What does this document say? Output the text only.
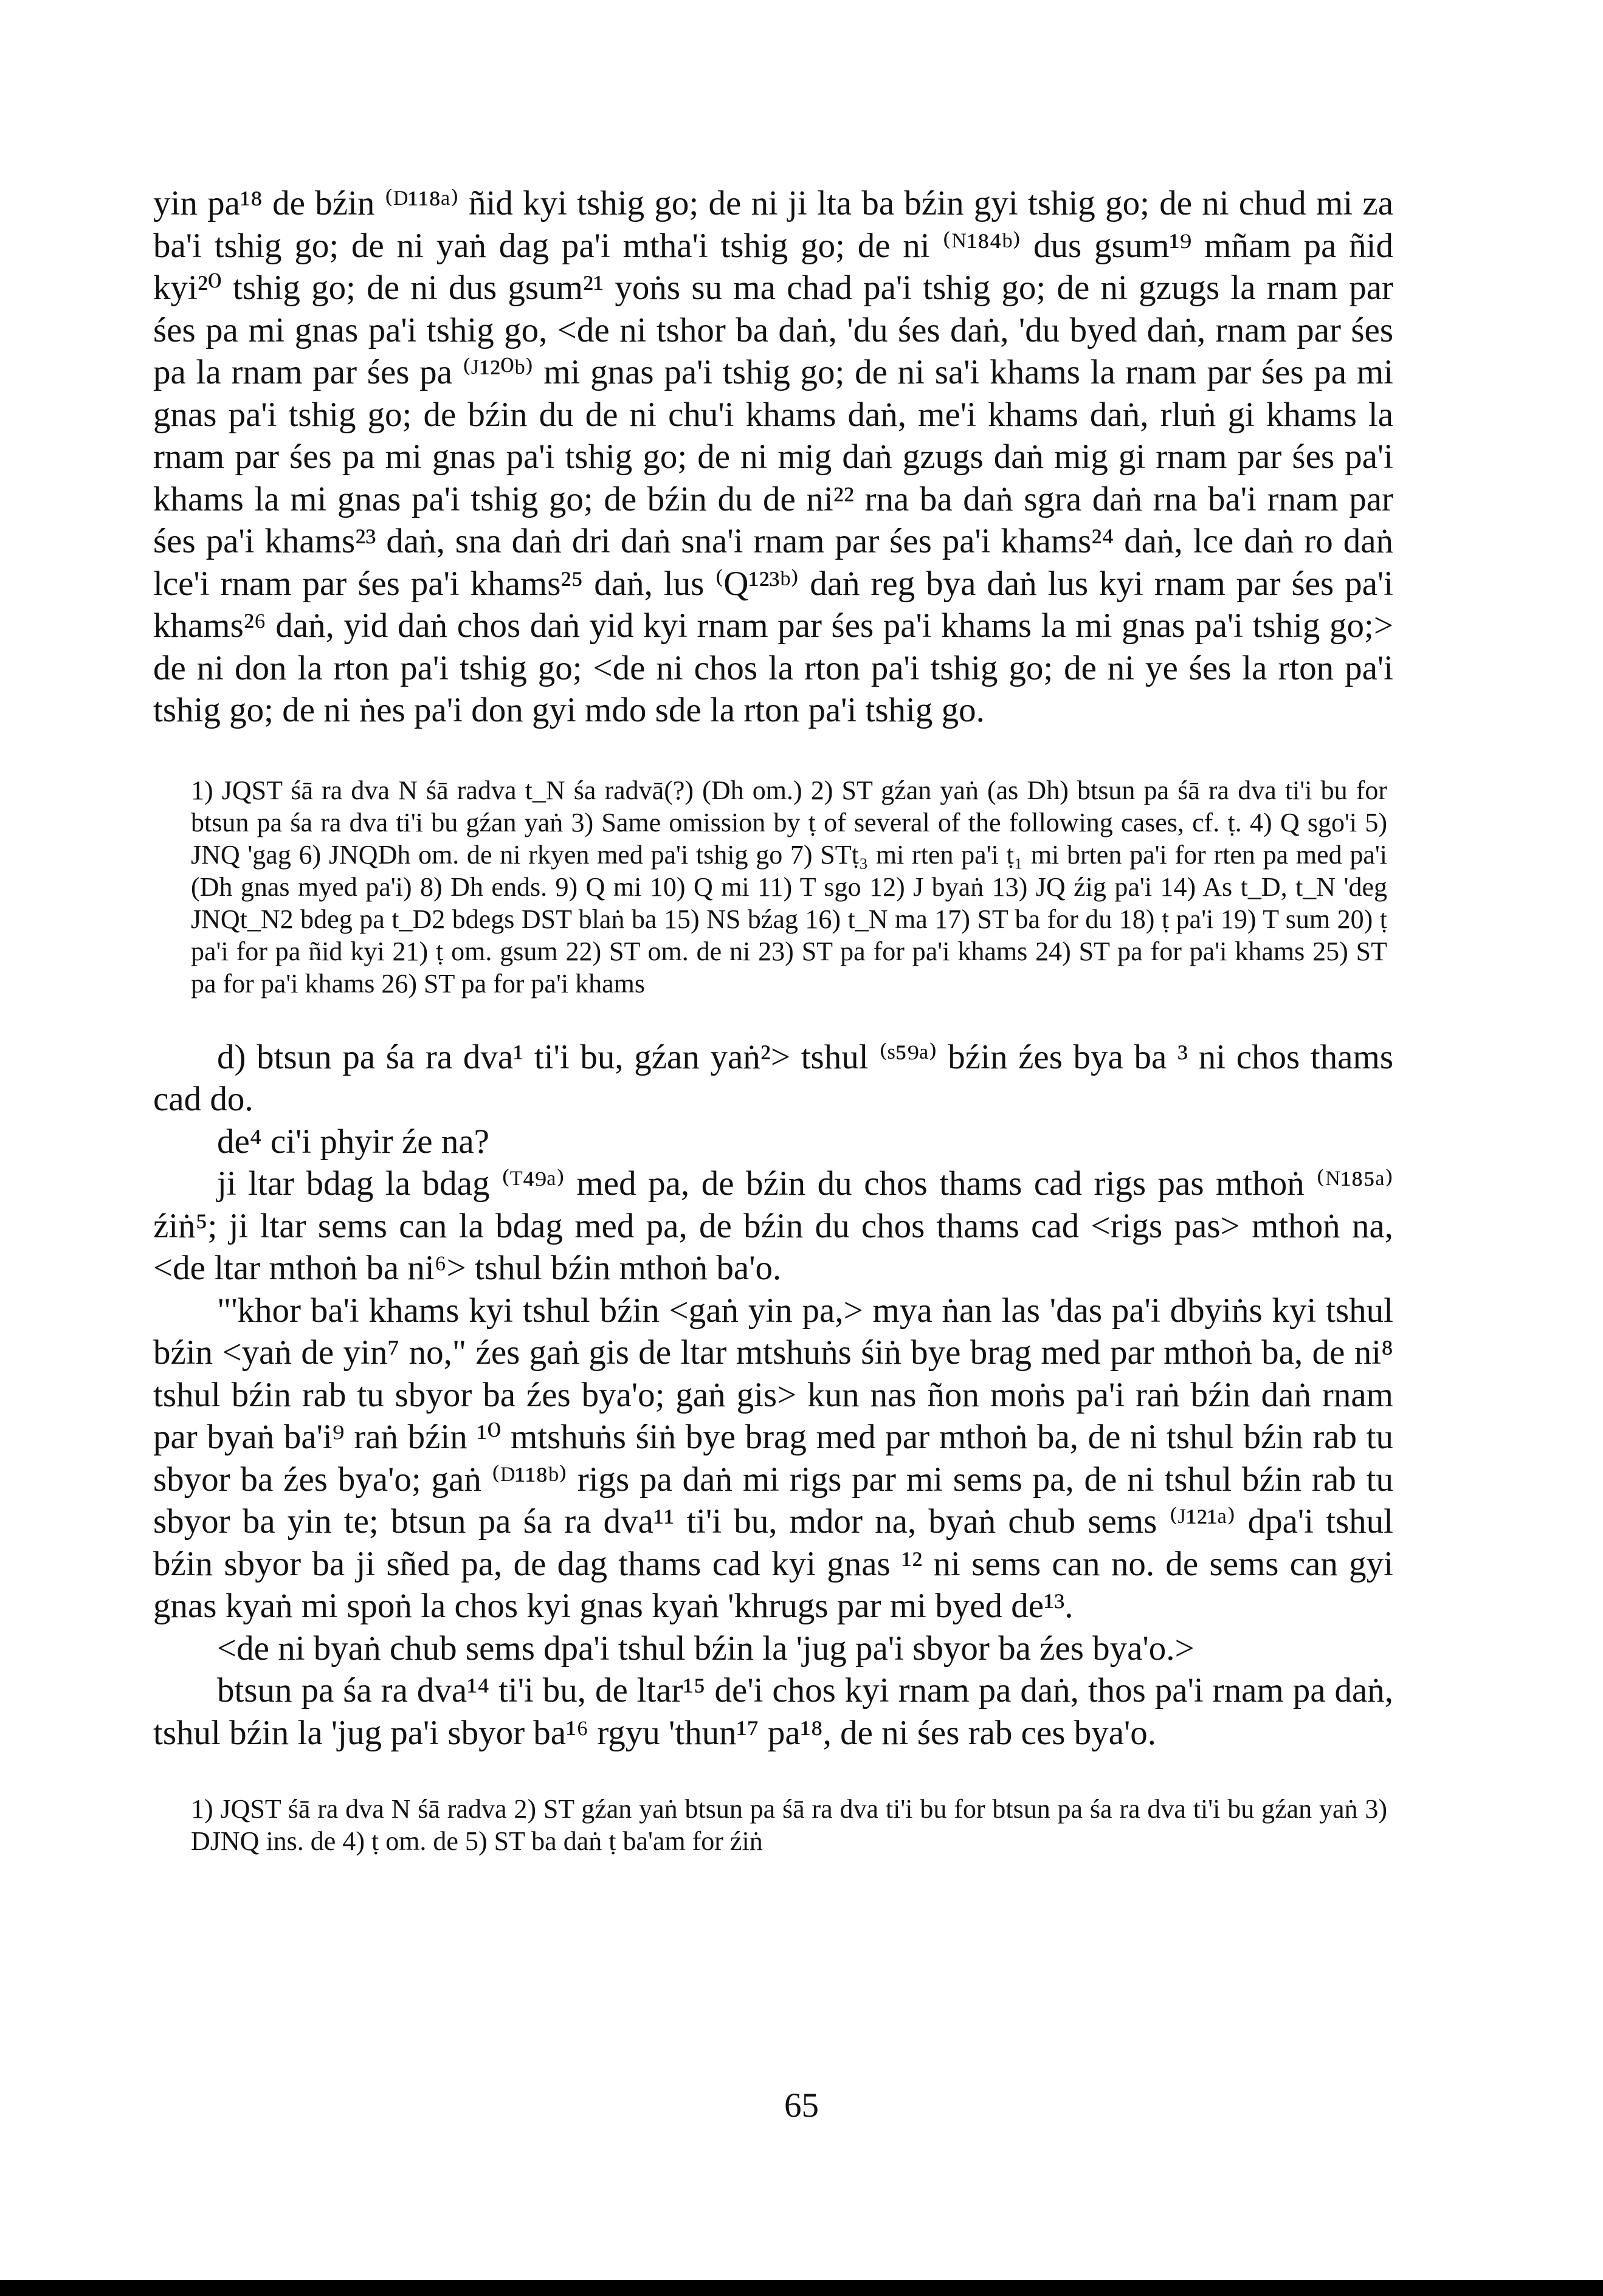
yin pa¹⁸ de bźin ⁽ᴰ¹¹⁸ᵃ⁾ ñid kyi tshig go; de ni ji lta ba bźin gyi tshig go; de ni chud mi za ba'i tshig go; de ni yaṅ dag pa'i mtha'i tshig go; de ni ⁽ᴺ¹⁸⁴ᵇ⁾ dus gsum¹⁹ mñam pa ñid kyi²⁰ tshig go; de ni dus gsum²¹ yoṅs su ma chad pa'i tshig go; de ni gzugs la rnam par śes pa mi gnas pa'i tshig go, ˂de ni tshor ba daṅ, 'du śes daṅ, 'du byed daṅ, rnam par śes pa la rnam par śes pa ⁽ᴶ¹²⁰ᵇ⁾ mi gnas pa'i tshig go; de ni sa'i khams la rnam par śes pa mi gnas pa'i tshig go; de bźin du de ni chu'i khams daṅ, me'i khams daṅ, rluṅ gi khams la rnam par śes pa mi gnas pa'i tshig go; de ni mig daṅ gzugs daṅ mig gi rnam par śes pa'i khams la mi gnas pa'i tshig go; de bźin du de ni²² rna ba daṅ sgra daṅ rna ba'i rnam par śes pa'i khams²³ daṅ, sna daṅ dri daṅ sna'i rnam par śes pa'i khams²⁴ daṅ, lce daṅ ro daṅ lce'i rnam par śes pa'i khams²⁵ daṅ, lus ⁽Q¹²³ᵇ⁾ daṅ reg bya daṅ lus kyi rnam par śes pa'i khams²⁶ daṅ, yid daṅ chos daṅ yid kyi rnam par śes pa'i khams la mi gnas pa'i tshig go;˃ de ni don la rton pa'i tshig go; ˂de ni chos la rton pa'i tshig go; de ni ye śes la rton pa'i tshig go; de ni ṅes pa'i don gyi mdo sde la rton pa'i tshig go.

1) JQST śā ra dva N śā radva t_N śa radvā(?) (Dh om.) 2) ST gźan yaṅ (as Dh) btsun pa śā ra dva ti'i bu for btsun pa śa ra dva ti'i bu gźan yaṅ 3) Same omission by ṭ of several of the following cases, cf. ṭ. 4) Q sgo'i 5) JNQ 'gag 6) JNQDh om. de ni rkyen med pa'i tshig go 7) STṭ₃ mi rten pa'i ṭ₁ mi brten pa'i for rten pa med pa'i (Dh gnas myed pa'i) 8) Dh ends. 9) Q mi 10) Q mi 11) T sgo 12) J byaṅ 13) JQ źig pa'i 14) As t_D, t_N 'deg JNQt_N2 bdeg pa t_D2 bdegs DST blaṅ ba 15) NS bźag 16) t_N ma 17) ST ba for du 18) ṭ pa'i 19) T sum 20) ṭ pa'i for pa ñid kyi 21) ṭ om. gsum 22) ST om. de ni 23) ST pa for pa'i khams 24) ST pa for pa'i khams 25) ST pa for pa'i khams 26) ST pa for pa'i khams

d) btsun pa śa ra dva¹ ti'i bu, gźan yaṅ²˃ tshul ⁽ˢ⁵⁹ᵃ⁾ bźin źes bya ba ³ ni chos thams cad do.

de⁴ ci'i phyir źe na?

ji ltar bdag la bdag ⁽ᵀ⁴⁹ᵃ⁾ med pa, de bźin du chos thams cad rigs pas mthoṅ ⁽ᴺ¹⁸⁵ᵃ⁾ źiṅ⁵; ji ltar sems can la bdag med pa, de bźin du chos thams cad ˂rigs pas˃ mthoṅ na, ˂de ltar mthoṅ ba ni⁶˃ tshul bźin mthoṅ ba'o.

"'khor ba'i khams kyi tshul bźin ˂gaṅ yin pa,˃ mya ṅan las 'das pa'i dbyiṅs kyi tshul bźin ˂yaṅ de yin⁷ no," źes gaṅ gis de ltar mtshuṅs śiṅ bye brag med par mthoṅ ba, de ni⁸ tshul bźin rab tu sbyor ba źes bya'o; gaṅ gis˃ kun nas ñon moṅs pa'i raṅ bźin daṅ rnam par byaṅ ba'i⁹ raṅ bźin ¹⁰ mtshuṅs śiṅ bye brag med par mthoṅ ba, de ni tshul bźin rab tu sbyor ba źes bya'o; gaṅ ⁽ᴰ¹¹⁸ᵇ⁾ rigs pa daṅ mi rigs par mi sems pa, de ni tshul bźin rab tu sbyor ba yin te; btsun pa śa ra dva¹¹ ti'i bu, mdor na, byaṅ chub sems ⁽ᴶ¹²¹ᵃ⁾ dpa'i tshul bźin sbyor ba ji sñed pa, de dag thams cad kyi gnas ¹² ni sems can no. de sems can gyi gnas kyaṅ mi spoṅ la chos kyi gnas kyaṅ 'khrugs par mi byed de¹³.

˂de ni byaṅ chub sems dpa'i tshul bźin la 'jug pa'i sbyor ba źes bya'o.˃

btsun pa śa ra dva¹⁴ ti'i bu, de ltar¹⁵ de'i chos kyi rnam pa daṅ, thos pa'i rnam pa daṅ, tshul bźin la 'jug pa'i sbyor ba¹⁶ rgyu 'thun¹⁷ pa¹⁸, de ni śes rab ces bya'o.

1) JQST śā ra dva N śā radva 2) ST gźan yaṅ btsun pa śā ra dva ti'i bu for btsun pa śa ra dva ti'i bu gźan yaṅ 3) DJNQ ins. de 4) ṭ om. de 5) ST ba daṅ ṭ ba'am for źiṅ

65
